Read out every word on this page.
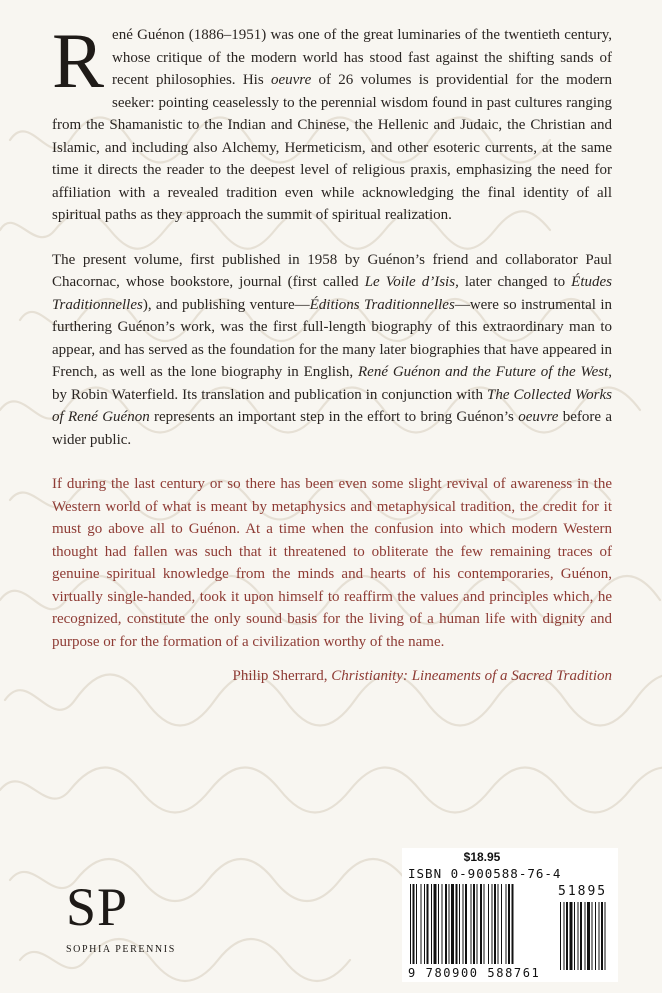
René Guénon (1886–1951) was one of the great luminaries of the twentieth century, whose critique of the modern world has stood fast against the shifting sands of recent philosophies. His oeuvre of 26 volumes is providential for the modern seeker: pointing ceaselessly to the perennial wisdom found in past cultures ranging from the Shamanistic to the Indian and Chinese, the Hellenic and Judaic, the Christian and Islamic, and including also Alchemy, Hermeticism, and other esoteric currents, at the same time it directs the reader to the deepest level of religious praxis, emphasizing the need for affiliation with a revealed tradition even while acknowledging the final identity of all spiritual paths as they approach the summit of spiritual realization.

The present volume, first published in 1958 by Guénon’s friend and collaborator Paul Chacornac, whose bookstore, journal (first called Le Voile d’Isis, later changed to Études Traditionnelles), and publishing venture—Éditions Traditionnelles—were so instrumental in furthering Guénon’s work, was the first full-length biography of this extraordinary man to appear, and has served as the foundation for the many later biographies that have appeared in French, as well as the lone biography in English, René Guénon and the Future of the West, by Robin Waterfield. Its translation and publication in conjunction with The Collected Works of René Guénon represents an important step in the effort to bring Guénon’s oeuvre before a wider public.

If during the last century or so there has been even some slight revival of awareness in the Western world of what is meant by metaphysics and metaphysical tradition, the credit for it must go above all to Guénon. At a time when the confusion into which modern Western thought had fallen was such that it threatened to obliterate the few remaining traces of genuine spiritual knowledge from the minds and hearts of his contemporaries, Guénon, virtually single-handed, took it upon himself to reaffirm the values and principles which, he recognized, constitute the only sound basis for the living of a human life with dignity and purpose or for the formation of a civilization worthy of the name.

Philip Sherrard, Christianity: Lineaments of a Sacred Tradition
SP
SOPHIA PERENNIS
$18.95
ISBN 0-900588-76-4
51895
9 780900 588761
